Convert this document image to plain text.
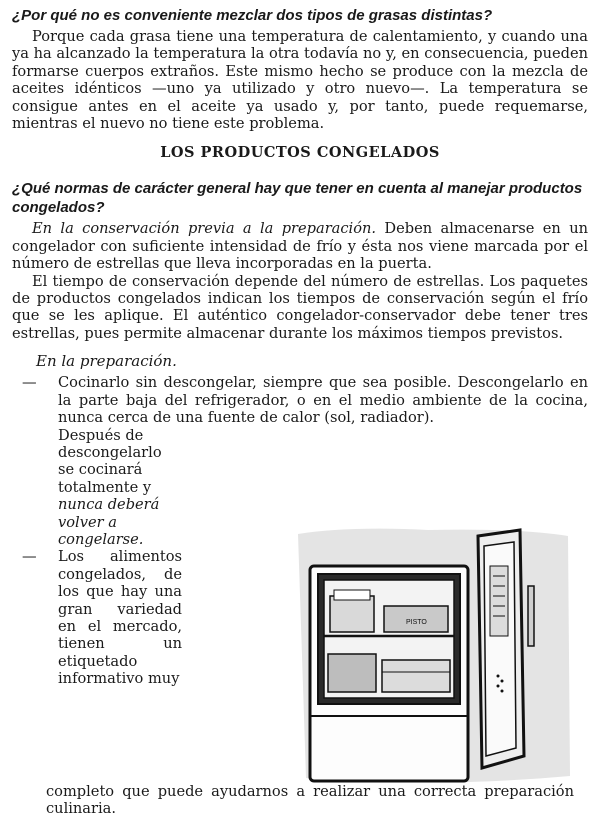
¿Por qué no es conveniente mezclar dos tipos de grasas distintas?

Porque cada grasa tiene una temperatura de calentamiento, y cuando una ya ha alcanzado la temperatura la otra todavía no y, en consecuencia, pueden formarse cuerpos extraños. Este mismo hecho se produce con la mezcla de aceites idénticos —uno ya utilizado y otro nuevo—. La temperatura se consigue antes en el aceite ya usado y, por tanto, puede requemarse, mientras el nuevo no tiene este problema.

LOS PRODUCTOS CONGELADOS

¿Qué normas de carácter general hay que tener en cuenta al manejar productos congelados?

En la conservación previa a la preparación. Deben almacenarse en un congelador con suficiente intensidad de frío y ésta nos viene marcada por el número de estrellas que lleva incorporadas en la puerta.

El tiempo de conservación depende del número de estrellas. Los paquetes de productos congelados indican los tiempos de conservación según el frío que se les aplique. El auténtico congelador-conservador debe tener tres estrellas, pues permite almacenar durante los máximos tiempos previstos.

En la preparación.
— Cocinarlo sin descongelar, siempre que sea posible. Descongelarlo en la parte baja del refrigerador, o en el medio ambiente de la cocina, nunca cerca de una fuente de calor (sol, radiador).
Después de descongelarlo se cocinará totalmente y nunca deberá volver a congelarse.
— Los alimentos congelados, de los que hay una gran variedad en el mercado, tienen un etiquetado informativo muy
completo que puede ayudarnos a realizar una correcta preparación culinaria.
PISTO
